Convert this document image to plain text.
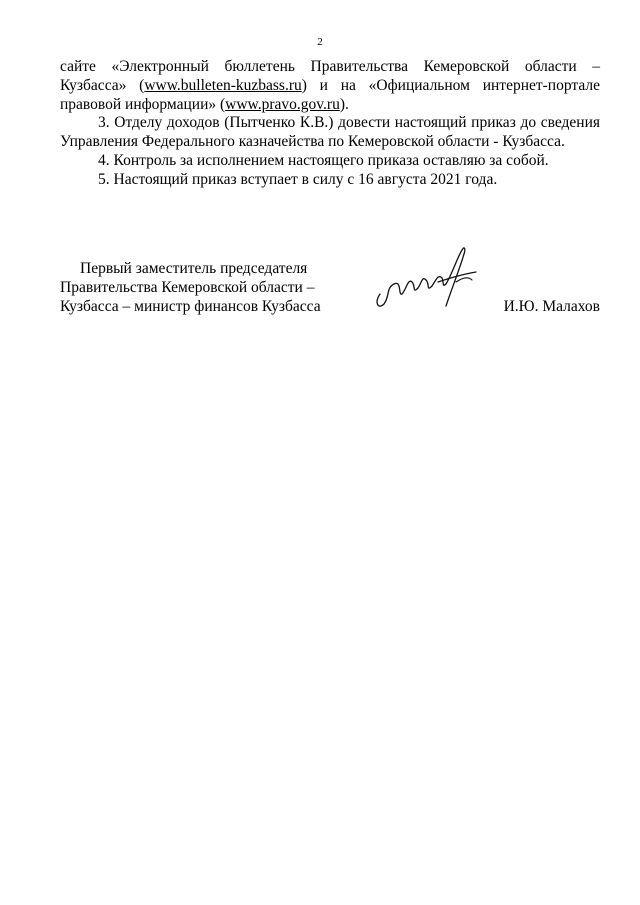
2

сайте «Электронный бюллетень Правительства Кемеровской области – Кузбасса» (www.bulleten-kuzbass.ru) и на «Официальном интернет-портале правовой информации» (www.pravo.gov.ru).

3. Отделу доходов (Пытченко К.В.) довести настоящий приказ до сведения Управления Федерального казначейства по Кемеровской области - Кузбасса.

4. Контроль за исполнением настоящего приказа оставляю за собой.

5. Настоящий приказ вступает в силу с 16 августа 2021 года.

Первый заместитель председателя
Правительства Кемеровской области –
Кузбасса – министр финансов Кузбасса	И.Ю. Малахов
